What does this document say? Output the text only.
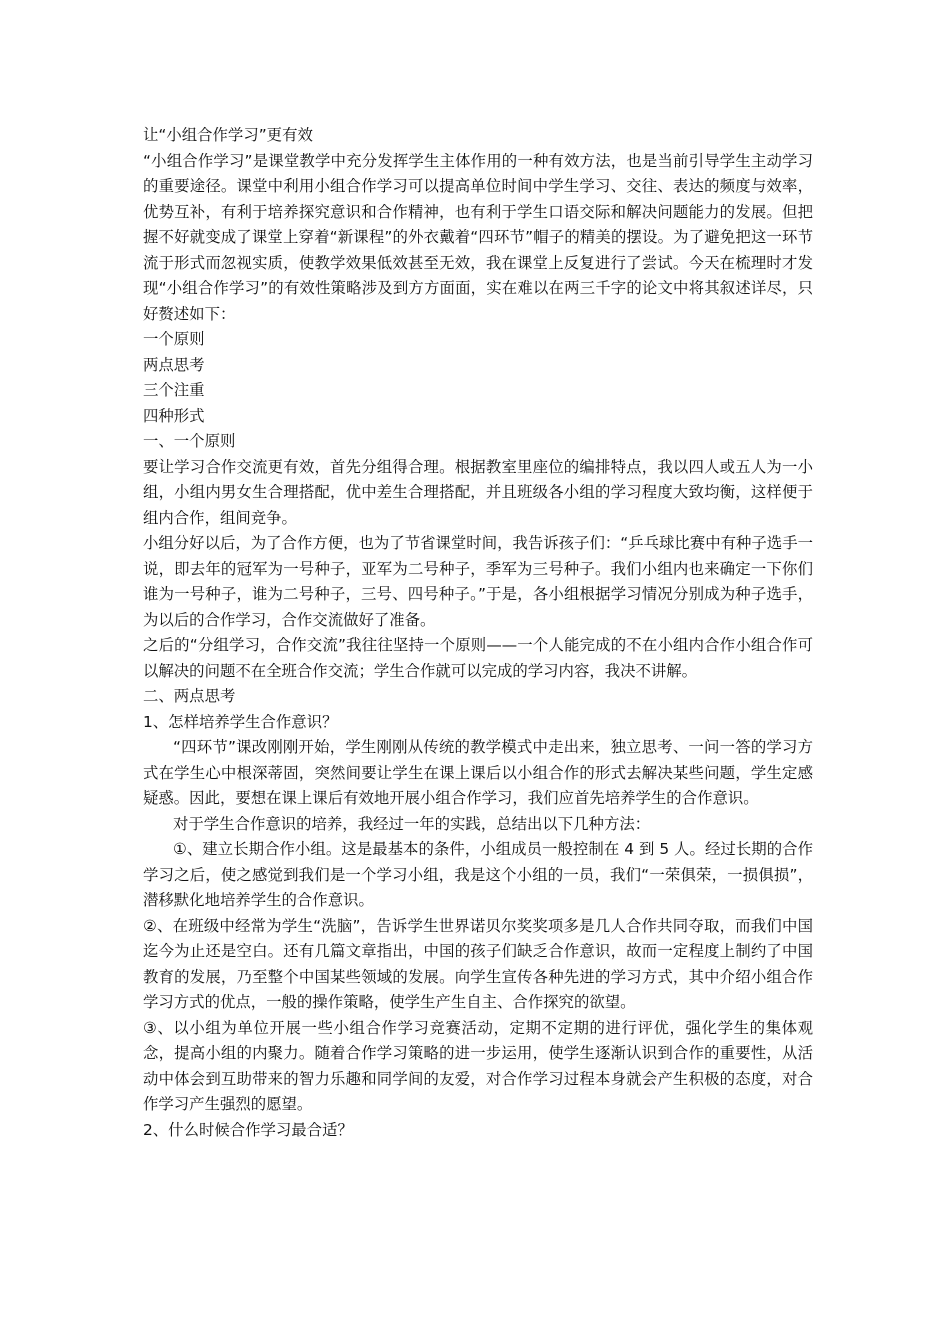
让“小组合作学习”更有效

“小组合作学习”是课堂教学中充分发挥学生主体作用的一种有效方法，也是当前引导学生主动学习的重要途径。课堂中利用小组合作学习可以提高单位时间中学生学习、交往、表达的频度与效率，优势互补，有利于培养探究意识和合作精神，也有利于学生口语交际和解决问题能力的发展。但把握不好就变成了课堂上穿着“新课程”的外衣戴着“四环节”帽子的精美的摆设。为了避免把这一环节流于形式而忽视实质，使教学效果低效甚至无效，我在课堂上反复进行了尝试。今天在梳理时才发现“小组合作学习”的有效性策略涉及到方方面面，实在难以在两三千字的论文中将其叙述详尽，只好赘述如下：

一个原则

两点思考

三个注重

四种形式

一、一个原则

要让学习合作交流更有效，首先分组得合理。根据教室里座位的编排特点，我以四人或五人为一小组，小组内男女生合理搭配，优中差生合理搭配，并且班级各小组的学习程度大致均衡，这样便于组内合作，组间竞争。

小组分好以后，为了合作方便，也为了节省课堂时间，我告诉孩子们：“乒乓球比赛中有种子选手一说，即去年的冠军为一号种子，亚军为二号种子，季军为三号种子。我们小组内也来确定一下你们谁为一号种子，谁为二号种子，三号、四号种子。”于是，各小组根据学习情况分别成为种子选手，为以后的合作学习，合作交流做好了准备。

之后的“分组学习，合作交流”我往往坚持一个原则——一个人能完成的不在小组内合作小组合作可以解决的问题不在全班合作交流；学生合作就可以完成的学习内容，我决不讲解。

二、两点思考

1、怎样培养学生合作意识？

“四环节”课改刚刚开始，学生刚刚从传统的教学模式中走出来，独立思考、一问一答的学习方式在学生心中根深蒂固，突然间要让学生在课上课后以小组合作的形式去解决某些问题，学生定感疑惑。因此，要想在课上课后有效地开展小组合作学习，我们应首先培养学生的合作意识。

对于学生合作意识的培养，我经过一年的实践，总结出以下几种方法：

①、建立长期合作小组。这是最基本的条件，小组成员一般控制在 4 到 5 人。经过长期的合作学习之后，使之感觉到我们是一个学习小组，我是这个小组的一员，我们“一荣俱荣，一损俱损”，潜移默化地培养学生的合作意识。

②、在班级中经常为学生“洗脑”，告诉学生世界诺贝尔奖奖项多是几人合作共同夺取，而我们中国迄今为止还是空白。还有几篇文章指出，中国的孩子们缺乏合作意识，故而一定程度上制约了中国教育的发展，乃至整个中国某些领域的发展。向学生宣传各种先进的学习方式，其中介绍小组合作学习方式的优点，一般的操作策略，使学生产生自主、合作探究的欲望。

③、以小组为单位开展一些小组合作学习竞赛活动，定期不定期的进行评优，强化学生的集体观念，提高小组的内聚力。随着合作学习策略的进一步运用，使学生逐渐认识到合作的重要性，从活动中体会到互助带来的智力乐趣和同学间的友爱，对合作学习过程本身就会产生积极的态度，对合作学习产生强烈的愿望。

2、什么时候合作学习最合适？
